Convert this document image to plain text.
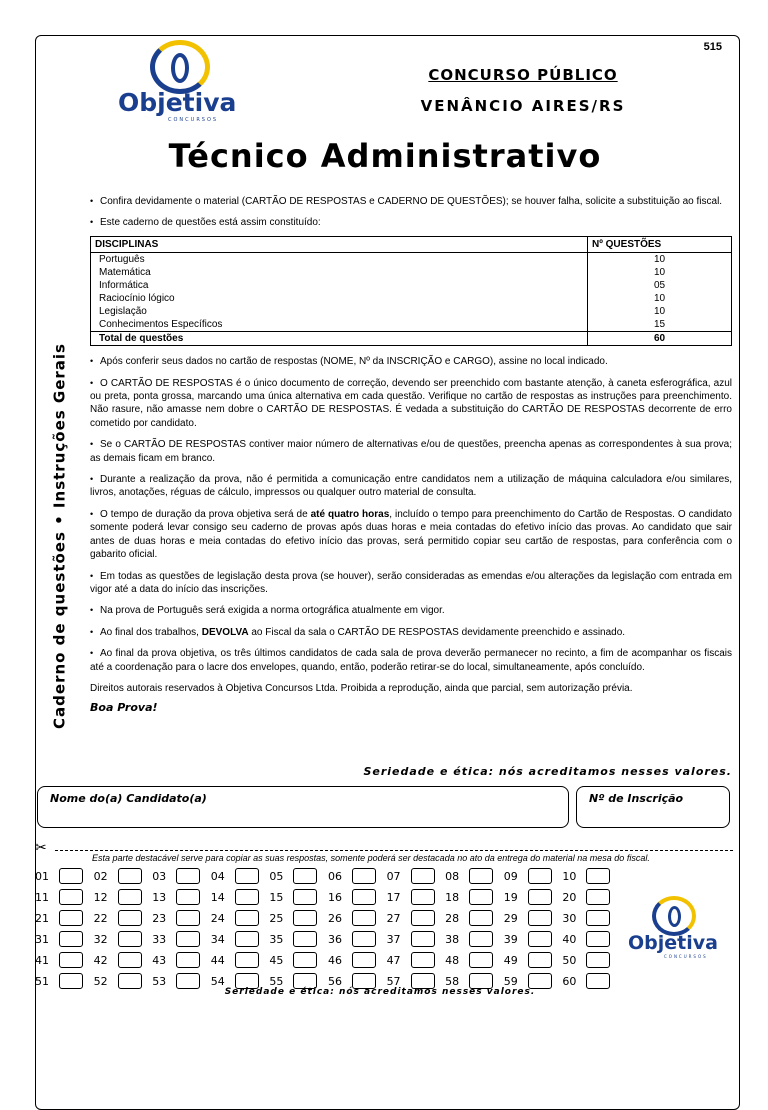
515
Objetiva
CONCURSOS
CONCURSO PÚBLICO
VENÂNCIO AIRES/RS
Técnico Administrativo
Caderno de questões • Instruções Gerais

• Confira devidamente o material (CARTÃO DE RESPOSTAS e CADERNO DE QUESTÕES); se houver falha, solicite a substituição ao fiscal.

• Este caderno de questões está assim constituído:

DISCIPLINAS	Nº QUESTÕES
Português	10
Matemática	10
Informática	05
Raciocínio lógico	10
Legislação	10
Conhecimentos Específicos	15
Total de questões	60

• Após conferir seus dados no cartão de respostas (NOME, Nº da INSCRIÇÃO e CARGO), assine no local indicado.

• O CARTÃO DE RESPOSTAS é o único documento de correção, devendo ser preenchido com bastante atenção, à caneta esferográfica, azul ou preta, ponta grossa, marcando uma única alternativa em cada questão. Verifique no cartão de respostas as instruções para preenchimento. Não rasure, não amasse nem dobre o CARTÃO DE RESPOSTAS. É vedada a substituição do CARTÃO DE RESPOSTAS decorrente de erro cometido por candidato.

• Se o CARTÃO DE RESPOSTAS contiver maior número de alternativas e/ou de questões, preencha apenas as correspondentes à sua prova; as demais ficam em branco.

• Durante a realização da prova, não é permitida a comunicação entre candidatos nem a utilização de máquina calculadora e/ou similares, livros, anotações, réguas de cálculo, impressos ou qualquer outro material de consulta.

• O tempo de duração da prova objetiva será de até quatro horas, incluído o tempo para preenchimento do Cartão de Respostas. O candidato somente poderá levar consigo seu caderno de provas após duas horas e meia contadas do efetivo início das provas. Ao candidato que sair antes de duas horas e meia contadas do efetivo início das provas, será permitido copiar seu cartão de respostas, para conferência com o gabarito oficial.

• Em todas as questões de legislação desta prova (se houver), serão consideradas as emendas e/ou alterações da legislação com entrada em vigor até a data do início das inscrições.

• Na prova de Português será exigida a norma ortográfica atualmente em vigor.

• Ao final dos trabalhos, DEVOLVA ao Fiscal da sala o CARTÃO DE RESPOSTAS devidamente preenchido e assinado.

• Ao final da prova objetiva, os três últimos candidatos de cada sala de prova deverão permanecer no recinto, a fim de acompanhar os fiscais até a coordenação para o lacre dos envelopes, quando, então, poderão retirar-se do local, simultaneamente, após concluído.

Direitos autorais reservados à Objetiva Concursos Ltda. Proibida a reprodução, ainda que parcial, sem autorização prévia.

Boa Prova!
Seriedade e ética: nós acreditamos nesses valores.
Nome do(a) Candidato(a)	Nº de Inscrição
✂
Esta parte destacável serve para copiar as suas respostas, somente poderá ser destacada no ato da entrega do material na mesa do fiscal.
01	02	03	04	05	06	07	08	09	10
11	12	13	14	15	16	17	18	19	20
21	22	23	24	25	26	27	28	29	30
31	32	33	34	35	36	37	38	39	40
41	42	43	44	45	46	47	48	49	50
51	52	53	54	55	56	57	58	59	60
Objetiva
CONCURSOS
Seriedade e ética: nós acreditamos nesses valores.
